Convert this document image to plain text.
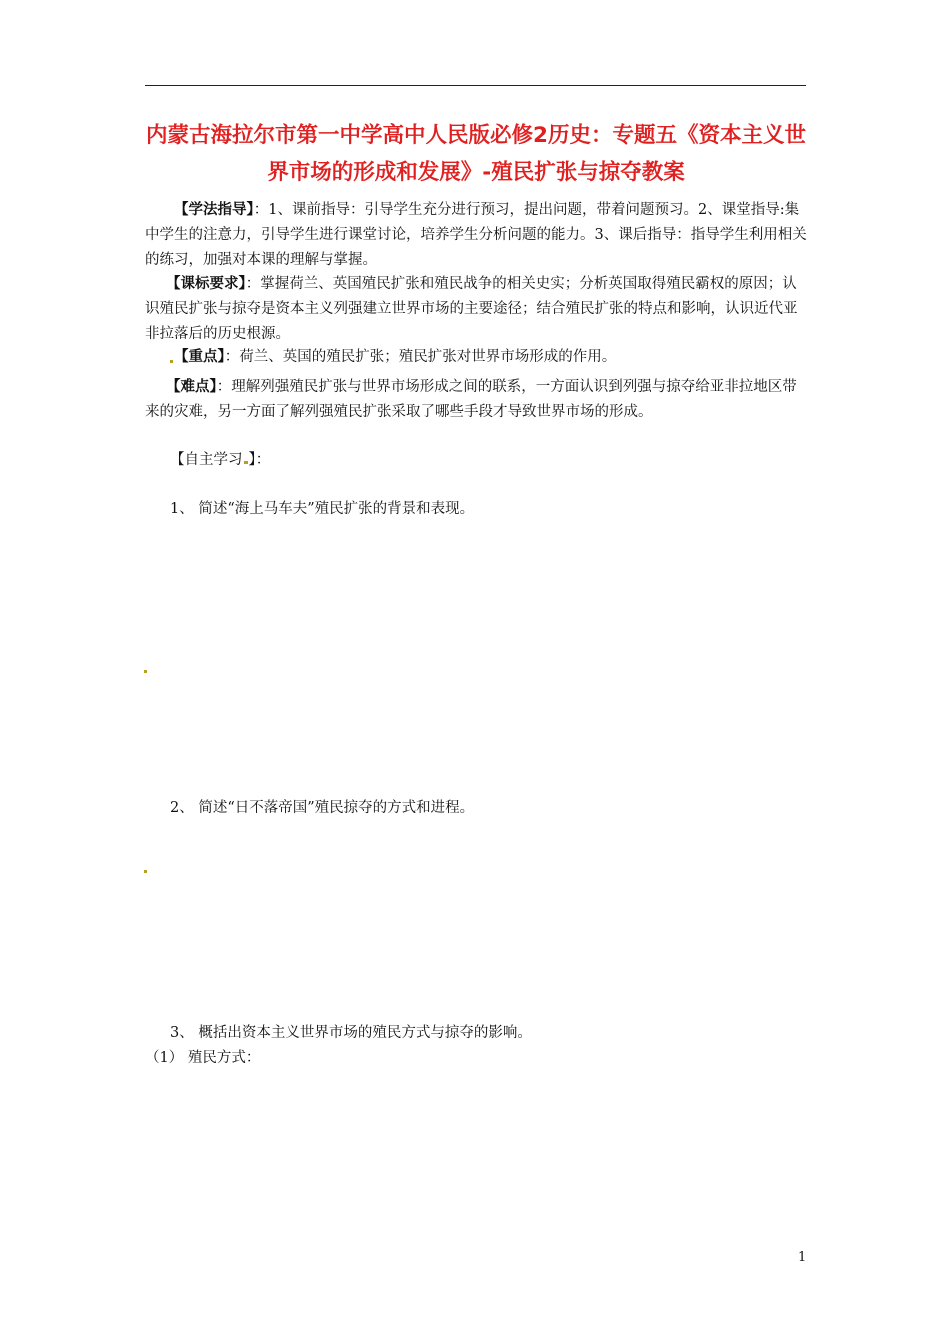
内蒙古海拉尔市第一中学高中人民版必修2历史：专题五《资本主义世界市场的形成和发展》-殖民扩张与掠夺教案
【学法指导】：1、课前指导：引导学生充分进行预习，提出问题，带着问题预习。2、课堂指导:集中学生的注意力，引导学生进行课堂讨论，培养学生分析问题的能力。3、课后指导：指导学生利用相关的练习，加强对本课的理解与掌握。
【课标要求】：掌握荷兰、英国殖民扩张和殖民战争的相关史实；分析英国取得殖民霸权的原因；认识殖民扩张与掠夺是资本主义列强建立世界市场的主要途径；结合殖民扩张的特点和影响，认识近代亚非拉落后的历史根源。
【重点】：荷兰、英国的殖民扩张；殖民扩张对世界市场形成的作用。
【难点】：理解列强殖民扩张与世界市场形成之间的联系，一方面认识到列强与掠夺给亚非拉地区带来的灾难，另一方面了解列强殖民扩张采取了哪些手段才导致世界市场的形成。
【自主学习 】：
1、 简述“海上马车夫”殖民扩张的背景和表现。
2、 简述“日不落帝国”殖民掠夺的方式和进程。
3、 概括出资本主义世界市场的殖民方式与掠夺的影响。
（1） 殖民方式：
1
